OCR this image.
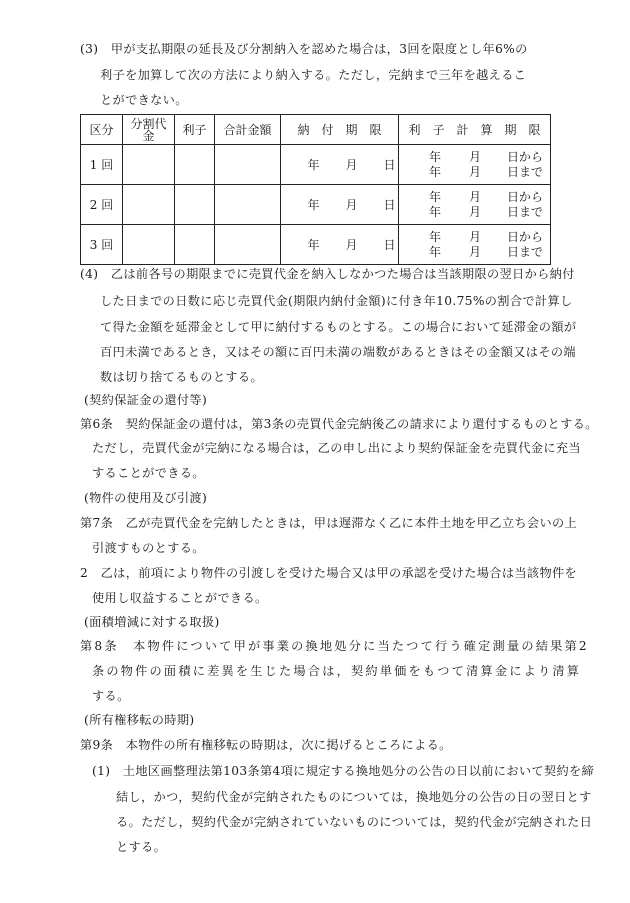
(3)　甲が支払期限の延長及び分割納入を認めた場合は，3回を限度とし年6%の
利子を加算して次の方法により納入する。ただし，完納まで三年を越えるこ
とができない。
区分	分割代金	利子	合計金額	納　付　期　限	利　子　計　算　期　限
1 回				年 月 日	年 月 日から
年 月 日まで

2 回				年 月 日	年 月 日から
年 月 日まで

3 回				年 月 日	年 月 日から
年 月 日まで
(4)　乙は前各号の期限までに売買代金を納入しなかつた場合は当該期限の翌日から納付
した日までの日数に応じ売買代金(期限内納付金額)に付き年10.75%の割合で計算し
て得た金額を延滞金として甲に納付するものとする。この場合において延滞金の額が
百円未満であるとき，又はその額に百円未満の端数があるときはその金額又はその端
数は切り捨てるものとする。
(契約保証金の還付等)
第6条　契約保証金の還付は，第3条の売買代金完納後乙の請求により還付するものとする。
ただし，売買代金が完納になる場合は，乙の申し出により契約保証金を売買代金に充当
することができる。
(物件の使用及び引渡)
第7条　乙が売買代金を完納したときは，甲は遅滞なく乙に本件土地を甲乙立ち会いの上
引渡すものとする。
2　乙は，前項により物件の引渡しを受けた場合又は甲の承認を受けた場合は当該物件を
使用し収益することができる。
(面積増減に対する取扱)
第8条　本物件について甲が事業の換地処分に当たつて行う確定測量の結果第2
条の物件の面積に差異を生じた場合は，契約単価をもつて清算金により清算
する。
(所有権移転の時期)
第9条　本物件の所有権移転の時期は，次に掲げるところによる。
(1)　土地区画整理法第103条第4項に規定する換地処分の公告の日以前において契約を締
結し，かつ，契約代金が完納されたものについては，換地処分の公告の日の翌日とす
る。ただし，契約代金が完納されていないものについては，契約代金が完納された日
とする。
